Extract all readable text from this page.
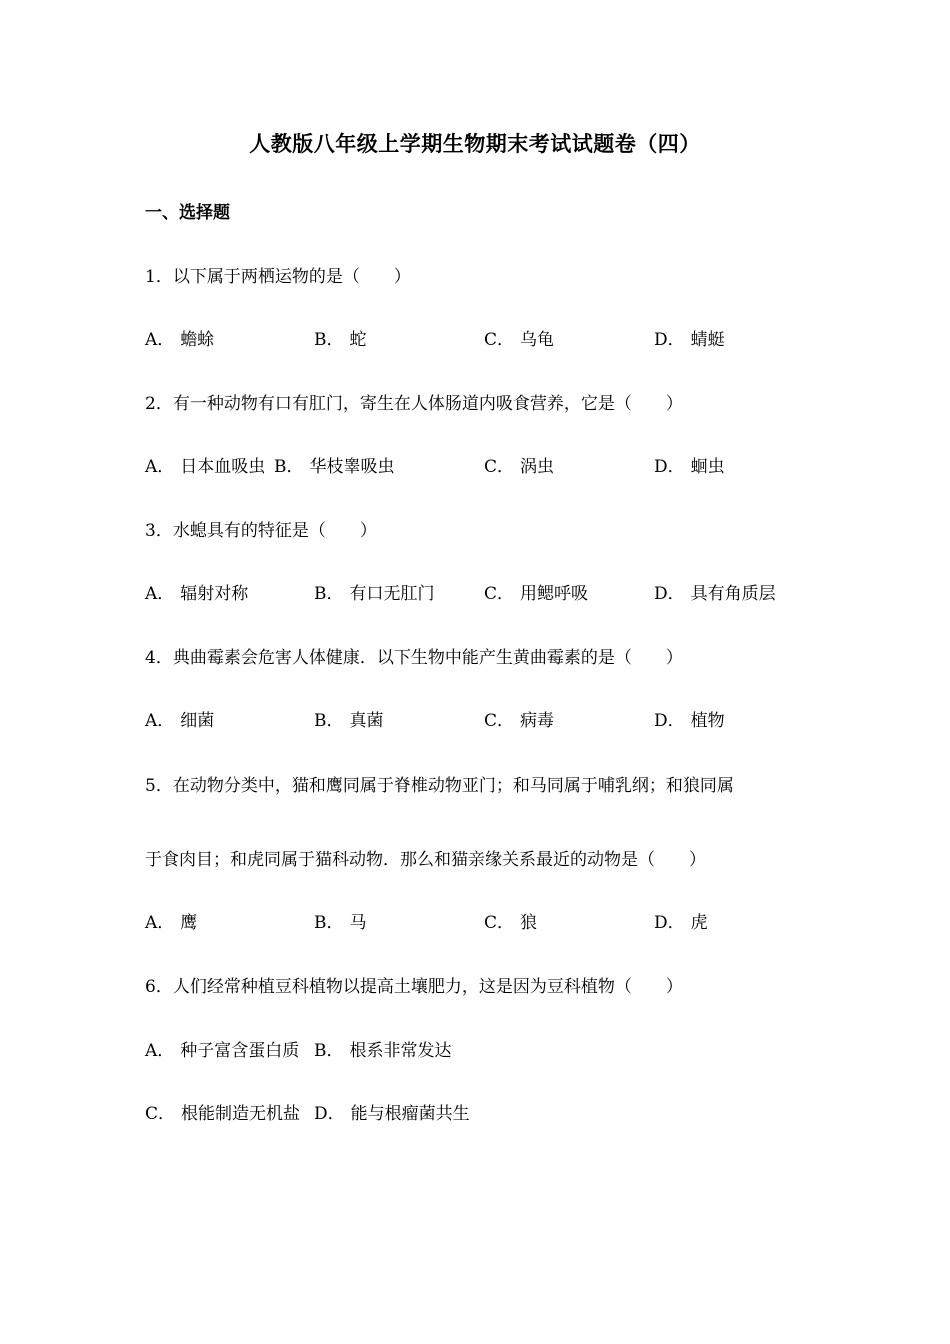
人教版八年级上学期生物期末考试试题卷（四）
一、选择题
1．以下属于两栖运物的是（　　）
A． 蟾蜍	B． 蛇	C． 乌龟	D． 蜻蜓
2．有一种动物有口有肛门，寄生在人体肠道内吸食营养，它是（　　）
A． 日本血吸虫 B． 华枝睾吸虫	C． 涡虫	D． 蛔虫
3．水螅具有的特征是（　　）
A． 辐射对称	B． 有口无肛门	C． 用鳃呼吸	D． 具有角质层
4．典曲霉素会危害人体健康．以下生物中能产生黄曲霉素的是（　　）
A． 细菌	B． 真菌	C． 病毒	D． 植物
5．在动物分类中，猫和鹰同属于脊椎动物亚门；和马同属于哺乳纲；和狼同属
于食肉目；和虎同属于猫科动物．那么和猫亲缘关系最近的动物是（　　）
A． 鹰	B． 马	C． 狼	D． 虎
6．人们经常种植豆科植物以提高土壤肥力，这是因为豆科植物（　　）
A． 种子富含蛋白质 B． 根系非常发达
C． 根能制造无机盐 D． 能与根瘤菌共生
